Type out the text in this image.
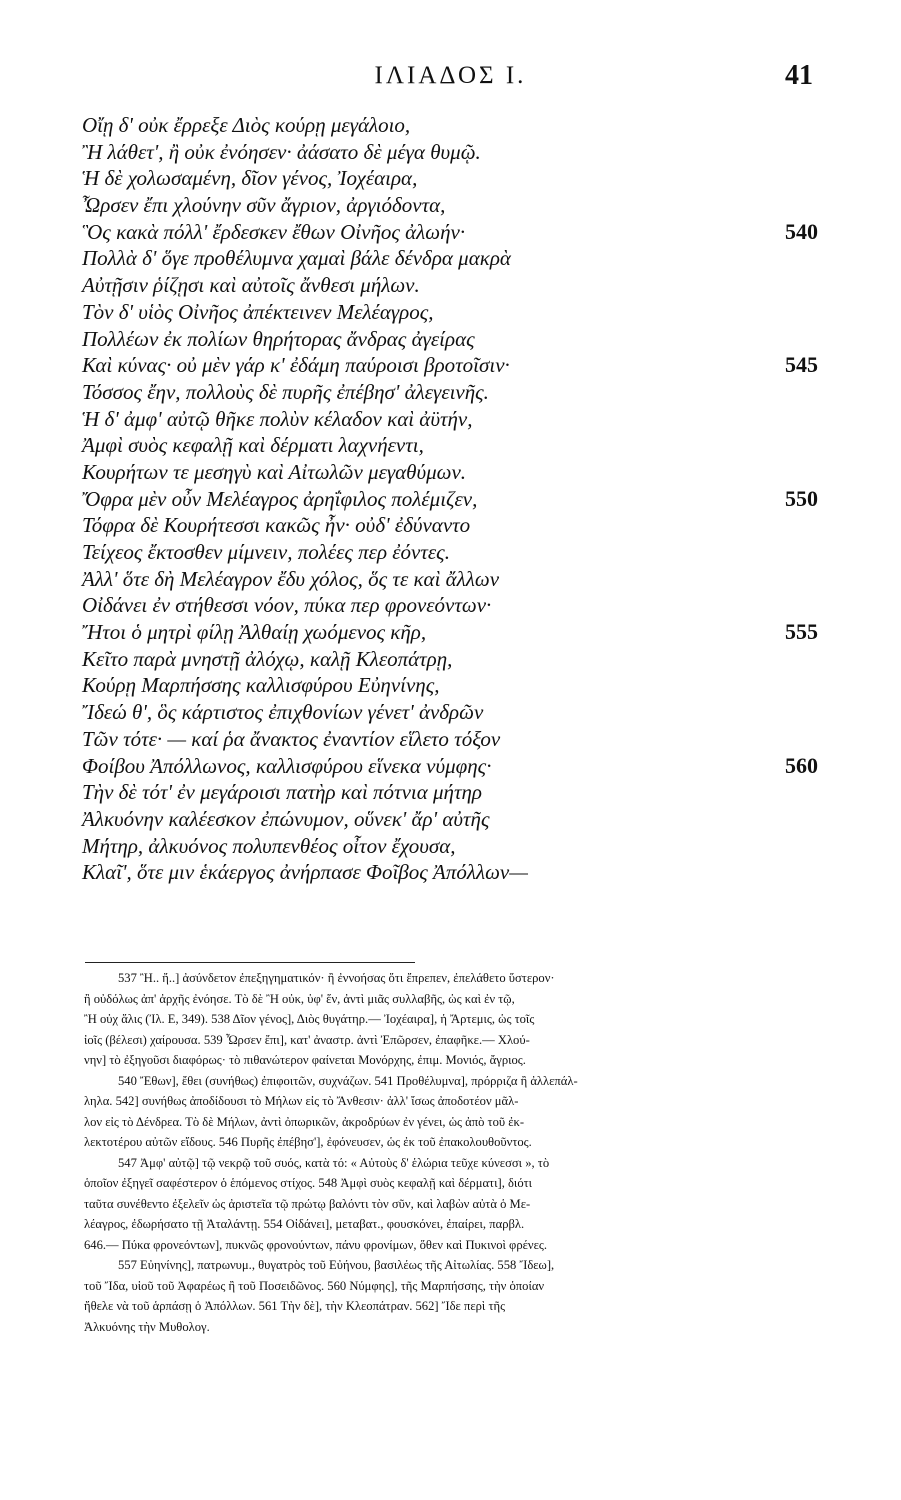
ΙΛΙΑΔΟΣ Ι.	41
Οἴῃ δ' οὐκ ἔρρεξε Διὸς κούρῃ μεγάλοιο,
Ἢ λάθετ', ἢ οὐκ ἐνόησεν· ἀάσατο δὲ μέγα θυμῷ.
Ἡ δὲ χολωσαμένη, δῖον γένος, Ἰοχέαιρα,
Ὦρσεν ἔπι χλούνην σῦν ἄγριον, ἀργιόδοντα,
Ὃς κακὰ πόλλ' ἔρδεσκεν ἔθων Οἰνῆος ἀλωήν·	540
Πολλὰ δ' ὅγε προθέλυμνα χαμαὶ βάλε δένδρα μακρὰ
Αὐτῇσιν ῥίζῃσι καὶ αὐτοῖς ἄνθεσι μήλων.
Τὸν δ' υἱὸς Οἰνῆος ἀπέκτεινεν Μελέαγρος,
Πολλέων ἐκ πολίων θηρήτορας ἄνδρας ἀγείρας
Καὶ κύνας· οὐ μὲν γάρ κ' ἐδάμη παύροισι βροτοῖσιν·	545
Τόσσος ἔην, πολλοὺς δὲ πυρῆς ἐπέβησ' ἀλεγεινῆς.
Ἡ δ' ἀμφ' αὐτῷ θῆκε πολὺν κέλαδον καὶ ἀϋτήν,
Ἀμφὶ συὸς κεφαλῇ καὶ δέρματι λαχνήεντι,
Κουρήτων τε μεσηγὺ καὶ Αἰτωλῶν μεγαθύμων.
Ὄφρα μὲν οὖν Μελέαγρος ἀρηΐφιλος πολέμιζεν,	550
Τόφρα δὲ Κουρήτεσσι κακῶς ἦν· οὐδ' ἐδύναντο
Τείχεος ἔκτοσθεν μίμνειν, πολέες περ ἐόντες.
Ἀλλ' ὅτε δὴ Μελέαγρον ἔδυ χόλος, ὅς τε καὶ ἄλλων
Οἰδάνει ἐν στήθεσσι νόον, πύκα περ φρονεόντων·
Ἤτοι ὁ μητρὶ φίλῃ Ἀλθαίῃ χωόμενος κῆρ,	555
Κεῖτο παρὰ μνηστῇ ἀλόχῳ, καλῇ Κλεοπάτρῃ,
Κούρῃ Μαρπήσσης καλλισφύρου Εὐηνίνης,
Ἴδεώ θ', ὃς κάρτιστος ἐπιχθονίων γένετ' ἀνδρῶν
Τῶν τότε· — καί ῥα ἄνακτος ἐναντίον εἵλετο τόξον
Φοίβου Ἀπόλλωνος, καλλισφύρου εἵνεκα νύμφης·	560
Τὴν δὲ τότ' ἐν μεγάροισι πατὴρ καὶ πότνια μήτηρ
Ἀλκυόνην καλέεσκον ἐπώνυμον, οὕνεκ' ἄρ' αὐτῆς
Μήτηρ, ἀλκυόνος πολυπενθέος οἶτον ἔχουσα,
Κλαῖ', ὅτε μιν ἑκάεργος ἀνήρπασε Φοῖβος Ἀπόλλων—
537 Ἢ.. ἤ..] ἀσύνδετον ἐπεξηγηματικόν· ἢ ἐννοήσας ὅτι ἔπρεπεν, ἐπελάθετο ὕστερον·
ἢ οὐδόλως ἀπ' ἀρχῆς ἐνόησε. Τὸ δὲ Ἢ οὐκ, ὑφ' ἕν, ἀντὶ μιᾶς συλλαβῆς, ὡς καὶ ἐν τῷ,
Ἢ οὐχ ἅλις (Ἰλ. Ε, 349). 538 Δῖον γένος], Διὸς θυγάτηρ.— Ἰοχέαιρα], ἡ Ἄρτεμις, ὡς τοῖς
ἰοῖς (βέλεσι) χαίρουσα. 539 Ὦρσεν ἔπι], κατ' ἀναστρ. ἀντὶ Ἐπῶρσεν, ἐπαφῆκε.— Χλού-
νην] τὸ ἐξηγοῦσι διαφόρως· τὸ πιθανώτερον φαίνεται Μονόρχης, ἐπιμ. Μονιός, ἄγριος.
540 Ἔθων], ἔθει (συνήθως) ἐπιφοιτῶν, συχνάζων. 541 Προθέλυμνα], πρόρριζα ἢ ἀλλεπάλ-
ληλα. 542] συνήθως ἀποδίδουσι τὸ Μήλων εἰς τὸ Ἄνθεσιν· ἀλλ' ἴσως ἀποδοτέον μᾶλ-
λον εἰς τὸ Δένδρεα. Τὸ δὲ Μήλων, ἀντὶ ὀπωρικῶν, ἀκροδρύων ἐν γένει, ὡς ἀπὸ τοῦ ἐκ-
λεκτοτέρου αὐτῶν εἴδους. 546 Πυρῆς ἐπέβησ'], ἐφόνευσεν, ὡς ἐκ τοῦ ἐπακολουθοῦντος.
547 Ἀμφ' αὐτῷ] τῷ νεκρῷ τοῦ συός, κατὰ τό: « Αὐτοὺς δ' ἑλώρια τεῦχε κύνεσσι », τὸ
ὁποῖον ἐξηγεῖ σαφέστερον ὁ ἑπόμενος στίχος. 548 Ἀμφὶ συὸς κεφαλῇ καὶ δέρματι], διότι
ταῦτα συνέθεντο ἐξελεῖν ὡς ἀριστεῖα τῷ πρώτῳ βαλόντι τὸν σῦν, καὶ λαβὼν αὐτὰ ὁ Με-
λέαγρος, ἐδωρήσατο τῇ Ἀταλάντῃ. 554 Οἰδάνει], μεταβατ., φουσκόνει, ἐπαίρει, παρβλ.
646.— Πύκα φρονεόντων], πυκνῶς φρονούντων, πάνυ φρονίμων, ὅθεν καὶ Πυκινοὶ φρένες.
557 Εὐηνίνης], πατρωνυμ., θυγατρὸς τοῦ Εὐήνου, βασιλέως τῆς Αἰτωλίας. 558 Ἴδεω],
τοῦ Ἴδα, υἱοῦ τοῦ Ἀφαρέως ἢ τοῦ Ποσειδῶνος. 560 Νύμφης], τῆς Μαρπήσσης, τὴν ὁποίαν
ἤθελε νὰ τοῦ ἁρπάσῃ ὁ Ἀπόλλων. 561 Τὴν δὲ], τὴν Κλεοπάτραν. 562] Ἴδε περὶ τῆς
Ἀλκυόνης τὴν Μυθολογ.
